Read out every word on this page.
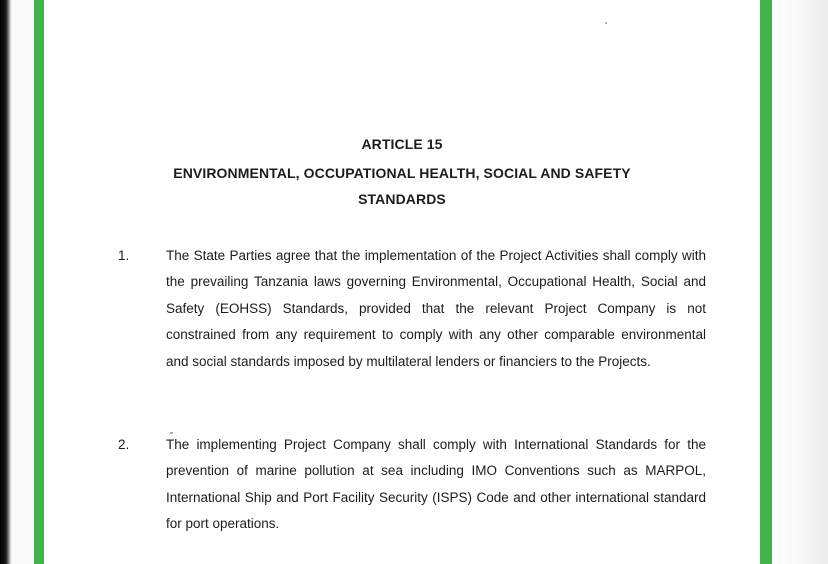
ARTICLE 15
ENVIRONMENTAL, OCCUPATIONAL HEALTH, SOCIAL AND SAFETY
STANDARDS
1.	The State Parties agree that the implementation of the Project Activities shall comply with the prevailing Tanzania laws governing Environmental, Occupational Health, Social and Safety (EOHSS) Standards, provided that the relevant Project Company is not constrained from any requirement to comply with any other comparable environmental and social standards imposed by multilateral lenders or financiers to the Projects.

2.	The implementing Project Company shall comply with International Standards for the prevention of marine pollution at sea including IMO Conventions such as MARPOL, International Ship and Port Facility Security (ISPS) Code and other international standard for port operations.
